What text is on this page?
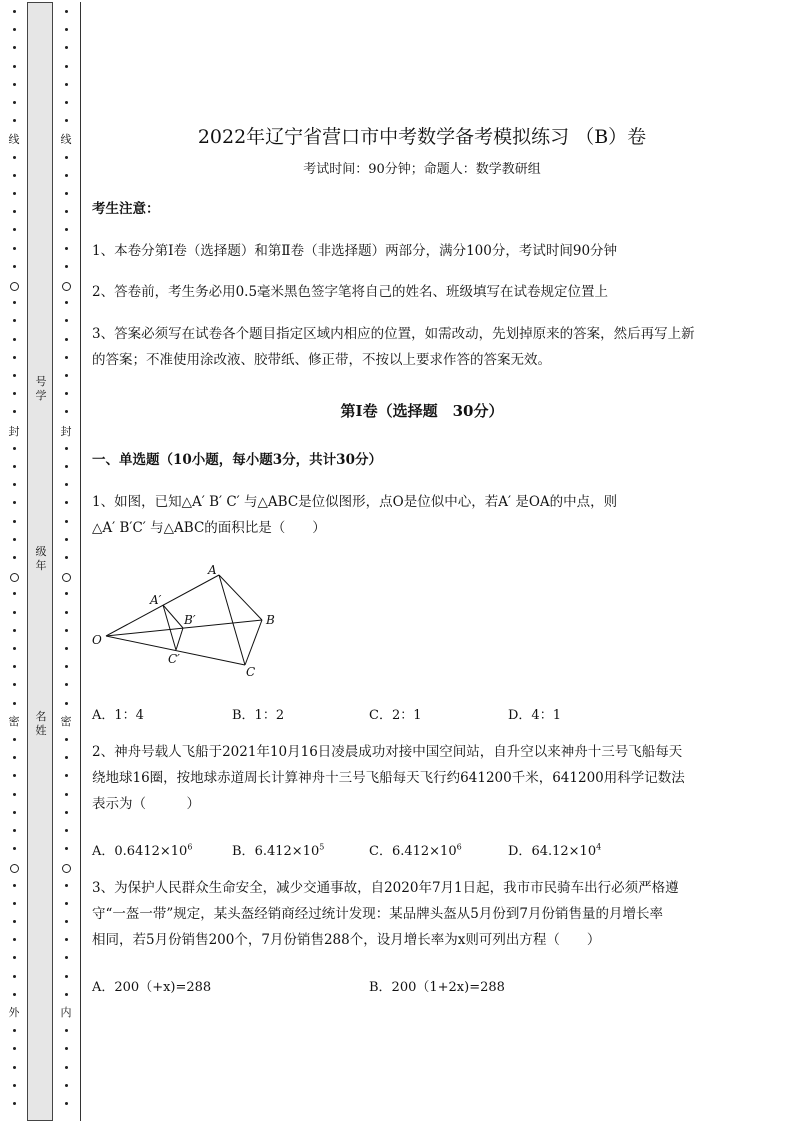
线
封
密
外
号
学
级
年
名
姓
线
封
密
内
2022年辽宁省营口市中考数学备考模拟练习 （B）卷
考试时间：90分钟；命题人：数学教研组
考生注意：
1、本卷分第I卷（选择题）和第Ⅱ卷（非选择题）两部分，满分100分，考试时间90分钟
2、答卷前，考生务必用0.5毫米黑色签字笔将自己的姓名、班级填写在试卷规定位置上
3、答案必须写在试卷各个题目指定区域内相应的位置，如需改动，先划掉原来的答案，然后再写上新
的答案；不准使用涂改液、胶带纸、修正带，不按以上要求作答的答案无效。
第I卷（选择题　30分）
一、单选题（10小题，每小题3分，共计30分）
1、如图，已知△A′ B′ C′ 与△ABC是位似图形，点O是位似中心，若A′ 是OA的中点，则
△A′ B′C′ 与△ABC的面积比是（　　）
A
A′
B
B′
C
C′
O
A．1：4	B．1：2	C．2：1	D．4：1
2、神舟号载人飞船于2021年10月16日凌晨成功对接中国空间站，自升空以来神舟十三号飞船每天
绕地球16圈，按地球赤道周长计算神舟十三号飞船每天飞行约641200千米，641200用科学记数法
表示为（　　　）
A．$0.6412\times 10^6$	B．$6.412\times 10^5$	C．$6.412\times 10^6$	D．$64.12\times 10^4$
3、为保护人民群众生命安全，减少交通事故，自2020年7月1日起，我市市民骑车出行必须严格遵
守“一盔一带”规定，某头盔经销商经过统计发现：某品牌头盔从5月份到7月份销售量的月增长率
相同，若5月份销售200个，7月份销售288个，设月增长率为x则可列出方程（　　）
A．200（+x)=288	B．200（1+2x)=288
